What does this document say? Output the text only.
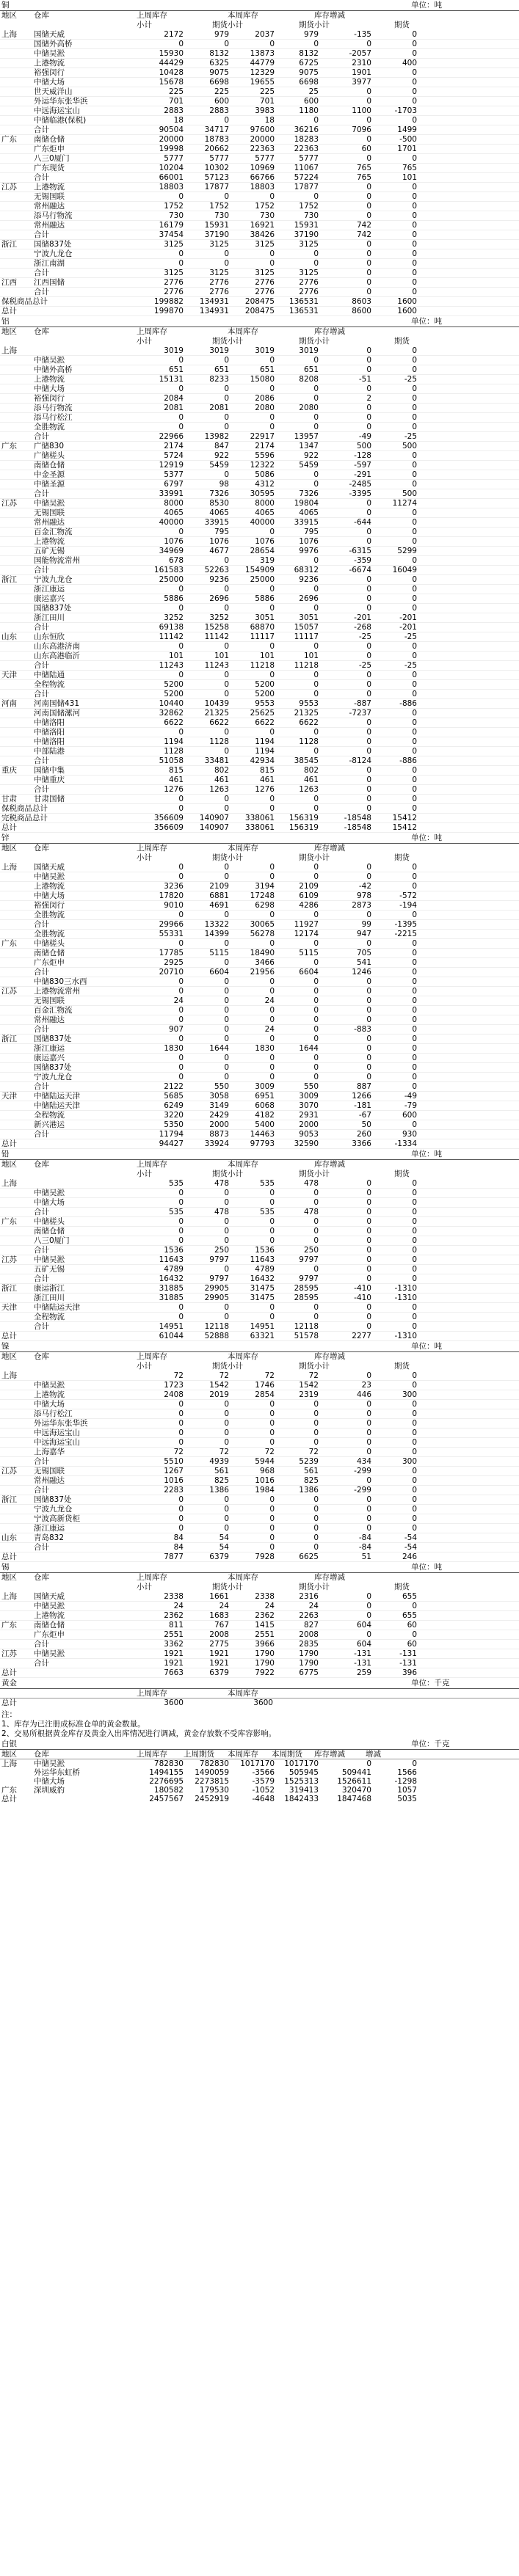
铜	单位：吨
地区	仓库	上周库存
小计	期货
本周库存
小计	期货
库存增减
小计	期货
上海	国储天威	2172	979	2037	979	-135	0
国储外高桥	0	0	0	0	0	0
中储吴淞	15930	8132	13873	8132	-2057	0
上港物流	44429	6325	44779	6725	2310	400
裕强闵行	10428	9075	12329	9075	1901	0
中储大场	15678	6698	19655	6698	3977	0
世天威洋山	225	225	225	25	0	0
外运华东张华浜	701	600	701	600	0	0
中远海运宝山	2883	2883	3983	1180	1100	-1703
中储临港(保税)	18	0	18	0	0	0
合计	90504	34717	97600	36216	7096	1499
广东	南储仓储	20000	18783	20000	18283	0	-500
广东炬申	19998	20662	22363	22363	60	1701
八三0厦门	5777	5777	5777	5777	0	0
广东现货	10204	10302	10969	11067	765	765
合计	66001	57123	66766	57224	765	101
江苏	上港物流	18803	17877	18803	17877	0	0
无锡国联	0	0	0	0	0	0
常州融达	1752	1752	1752	1752	0	0
添马行物流	730	730	730	730	0	0
常州融达	16179	15931	16921	15931	742	0
合计	37454	37190	38426	37190	742	0
浙江	国储837处	3125	3125	3125	3125	0	0
宁波九龙仓	0	0	0	0	0	0
浙江南湖	0	0	0	0	0	0
合计	3125	3125	3125	3125	0	0
江西	江西国储	2776	2776	2776	2776	0	0
合计	2776	2776	2776	2776	0	0
保税商品总计	199882	134931	208475	136531	8603	1600
总计	199870	134931	208475	136531	8600	1600
铝	单位：吨
地区	仓库	上周库存
小计	期货
本周库存
小计	期货
库存增减
小计	期货
上海	3019	3019	3019	3019	0	0
中储吴淞	0	0	0	0	0	0
中储外高桥	651	651	651	651	0	0
上港物流	15131	8233	15080	8208	-51	-25
中储大场	0	0	0	0	0	0
裕强闵行	2084	0	2086	0	2	0
添马行物流	2081	2081	2080	2080	0	0
添马行松江	0	0	0	0	0	0
全胜物流	0	0	0	0	0	0
合计	22966	13982	22917	13957	-49	-25
广东	广储830	2174	847	2174	1347	500	500
广储槎头	5724	922	5596	922	-128	0
南储仓储	12919	5459	12322	5459	-597	0
中金圣源	5377	0	5086	0	-291	0
中储圣源	6797	98	4312	0	-2485	0
合计	33991	7326	30595	7326	-3395	500
江苏	中储吴淞	8000	8530	8000	19804	0	11274
无锡国联	4065	4065	4065	4065	0	0
常州融达	40000	33915	40000	33915	-644	0
百金汇物流	0	795	0	795	0	0
上港物流	1076	1076	1076	1076	0	0
五矿无锡	34969	4677	28654	9976	-6315	5299
国能物流常州	678	0	319	0	-359	0
合计	161583	52263	154909	68312	-6674	16049
浙江	宁波九龙仓	25000	9236	25000	9236	0	0
浙江康运	0	0	0	0	0	0
康运嘉兴	5886	2696	5886	2696	0	0
国储837处	0	0	0	0	0	0
浙江田川	3252	3252	3051	3051	-201	-201
合计	69138	15258	68870	15057	-268	-201
山东	山东恒欣	11142	11142	11117	11117	-25	-25
山东高港济南	0	0	0	0	0	0
山东高港临沂	101	101	101	101	0	0
合计	11243	11243	11218	11218	-25	-25
天津	中储陆通	0	0	0	0	0	0
全程物流	5200	0	5200	0	0	0
合计	5200	0	5200	0	0	0
河南	河南国储431	10440	10439	9553	9553	-887	-886
河南国储漯河	32862	21325	25625	21325	-7237	0
中储洛阳	6622	6622	6622	6622	0	0
中储洛阳	0	0	0	0	0	0
中储洛阳	1194	1128	1194	1128	0	0
中部陆港	1128	0	1194	0	0	0
合计	51058	33481	42934	38545	-8124	-886
重庆	国储中集	815	802	815	802	0	0
中储重庆	461	461	461	461	0	0
合计	1276	1263	1276	1263	0	0
甘肃	甘肃国储	0	0	0	0	0	0
保税商品总计	0	0	0	0	0	0
完税商品总计	356609	140907	338061	156319	-18548	15412
总计	356609	140907	338061	156319	-18548	15412
锌	单位：吨
地区	仓库	上周库存
小计	期货
本周库存
小计	期货
库存增减
小计	期货
上海	国储天威	0	0	0	0	0	0
中储吴淞	0	0	0	0	0	0
上港物流	3236	2109	3194	2109	-42	0
中储大场	17820	6881	17248	6109	978	-572
裕强闵行	9010	4691	6298	4286	2873	-194
全胜物流	0	0	0	0	0	0
合计	29966	13322	30065	11927	99	-1395
全胜物流	55331	14399	56278	12174	947	-2215
广东	中储槎头	0	0	0	0	0	0
南储仓储	17785	5115	18490	5115	705	0
广东炬申	2925	0	3466	0	541	0
合计	20710	6604	21956	6604	1246	0
中储830三水西	0	0	0	0	0	0
江苏	上港物流常州	0	0	0	0	0	0
无锡国联	24	0	24	0	0	0
百金汇物流	0	0	0	0	0	0
常州融达	0	0	0	0	0	0
合计	907	0	24	0	-883	0
浙江	国储837处	0	0	0	0	0	0
浙江康运	1830	1644	1830	1644	0	0
康运嘉兴	0	0	0	0	0	0
国储837处	0	0	0	0	0	0
宁波九龙仓	0	0	0	0	0	0
合计	2122	550	3009	550	887	0
天津	中储陆运天津	5685	3058	6951	3009	1266	-49
中储陆运天津	6249	3149	6068	3070	-181	-79
全程物流	3220	2429	4182	2931	-67	600
新兴港运	5350	2000	5400	2000	50	0
合计	11794	8873	14463	9053	260	930
总计	94427	33924	97793	32590	3366	-1334
铅	单位：吨
地区	仓库	上周库存
小计	期货
本周库存
小计	期货
库存增减
小计	期货
上海	535	478	535	478	0	0
中储吴淞	0	0	0	0	0	0
中储大场	0	0	0	0	0	0
合计	535	478	535	478	0	0
广东	中储槎头	0	0	0	0	0	0
南储仓储	0	0	0	0	0	0
八三0厦门	0	0	0	0	0	0
合计	1536	250	1536	250	0	0
江苏	中储吴淞	11643	9797	11643	9797	0	0
五矿无锡	4789	0	4789	0	0	0
合计	16432	9797	16432	9797	0	0
浙江	康运浙江	31885	29905	31475	28595	-410	-1310
浙江田川	31885	29905	31475	28595	-410	-1310
天津	中储陆运天津	0	0	0	0	0	0
全程物流	0	0	0	0	0	0
合计	14951	12118	14951	12118	0	0
总计	61044	52888	63321	51578	2277	-1310
镍	单位：吨
地区	仓库	上周库存
小计	期货
本周库存
小计	期货
库存增减
小计	期货
上海	72	72	72	72	0	0
中储吴淞	1723	1542	1746	1542	23	0
上港物流	2408	2019	2854	2319	446	300
中储大场	0	0	0	0	0	0
添马行松江	0	0	0	0	0	0
外运华东张华浜	0	0	0	0	0	0
中远海运宝山	0	0	0	0	0	0
中远海运宝山	0	0	0	0	0	0
上海嘉华	72	72	72	72	0	0
合计	5510	4939	5944	5239	434	300
江苏	无锡国联	1267	561	968	561	-299	0
常州融达	1016	825	1016	825	0	0
合计	2283	1386	1984	1386	-299	0
浙江	国储837处	0	0	0	0	0	0
宁波九龙仓	0	0	0	0	0	0
宁波高新货柜	0	0	0	0	0	0
浙江康运	0	0	0	0	0	0
山东	青岛832	84	54	0	0	-84	-54
合计	84	54	0	0	-84	-54
总计	7877	6379	7928	6625	51	246
锡	单位：吨
地区	仓库	上周库存
小计	期货
本周库存
小计	期货
库存增减
小计	期货
上海	国储天威	2338	1661	2338	2316	0	655
中储吴淞	24	24	24	24	0	0
上港物流	2362	1683	2362	2263	0	655
广东	南储仓储	811	767	1415	827	604	60
广东炬申	2551	2008	2551	2008	0	0
合计	3362	2775	3966	2835	604	60
江苏	中储吴淞	1921	1921	1790	1790	-131	-131
合计	1921	1921	1790	1790	-131	-131
总计	7663	6379	7922	6775	259	396
黄金	单位：千克
上周库存	本周库存
总计	3600	3600
注：
1、库存为已注册成标准仓单的黄金数量。
2、交易所根据黄金库存及黄金入出库情况进行调减，黄金存放数不受库容影响。
白银	单位：千克
地区	仓库	上周库存	上周期货	本周库存	本周期货	库存增减	增减
上海	中储吴淞	782830	782830	1017170	1017170	0	0
外运华东虹桥	1494155	1490059	-3566	505945	509441	1566
中储大场	2276695	2273815	-3579	1525313	1526611	-1298
广东	深圳威豹	180582	179530	-1052	319413	320470	1057
总计	2457567	2452919	-4648	1842433	1847468	5035
